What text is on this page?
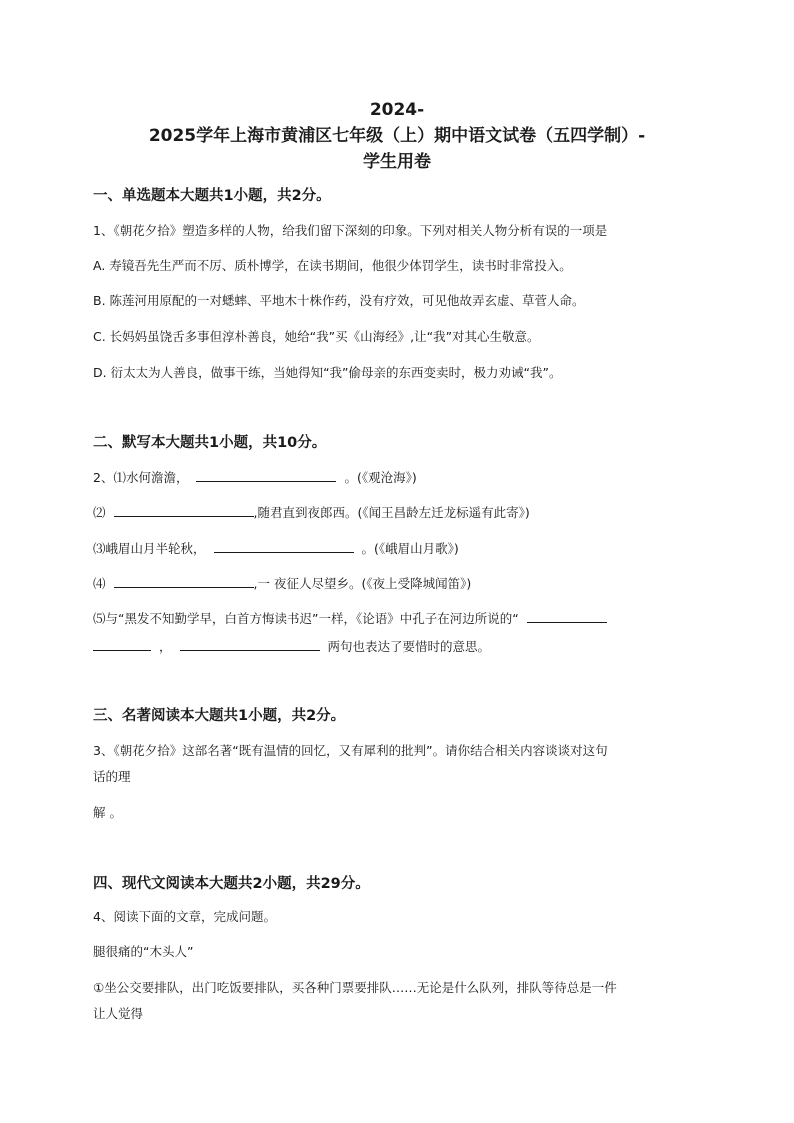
2024-
2025学年上海市黄浦区七年级（上）期中语文试卷（五四学制）-
学生用卷
一、单选题本大题共1小题，共2分。
1、《朝花夕拾》塑造多样的人物，给我们留下深刻的印象。下列对相关人物分析有误的一项是
A. 寿镜吾先生严而不厉、质朴博学，在读书期间，他很少体罚学生，读书时非常投入。
B. 陈莲河用原配的一对蟋蟀、平地木十株作药，没有疗效，可见他故弄玄虚、草菅人命。
C. 长妈妈虽饶舌多事但淳朴善良，她给“我”买《山海经》,让“我”对其心生敬意。
D. 衍太太为人善良，做事干练，当她得知“我”偷母亲的东西变卖时，极力劝诫“我”。
二、默写本大题共1小题，共10分。
2、⑴水何澹澹，	。(《观沧海》)
⑵	,随君直到夜郎西。(《闻王昌龄左迁龙标遥有此寄》)
⑶峨眉山月半轮秋，	。(《峨眉山月歌》)
⑷	,一 夜征人尽望乡。(《夜上受降城闻笛》)
⑸与“黑发不知勤学早，白首方悔读书迟”一样，《论语》中孔子在河边所说的“
，	两句也表达了要惜时的意思。
三、名著阅读本大题共1小题，共2分。
3、《朝花夕拾》这部名著“既有温情的回忆，又有犀利的批判”。请你结合相关内容谈谈对这句
话的理
解 。
四、现代文阅读本大题共2小题，共29分。
4、阅读下面的文章，完成问题。
腿很痛的“木头人”
①坐公交要排队，出门吃饭要排队，买各种门票要排队……无论是什么队列，排队等待总是一件
让人觉得
